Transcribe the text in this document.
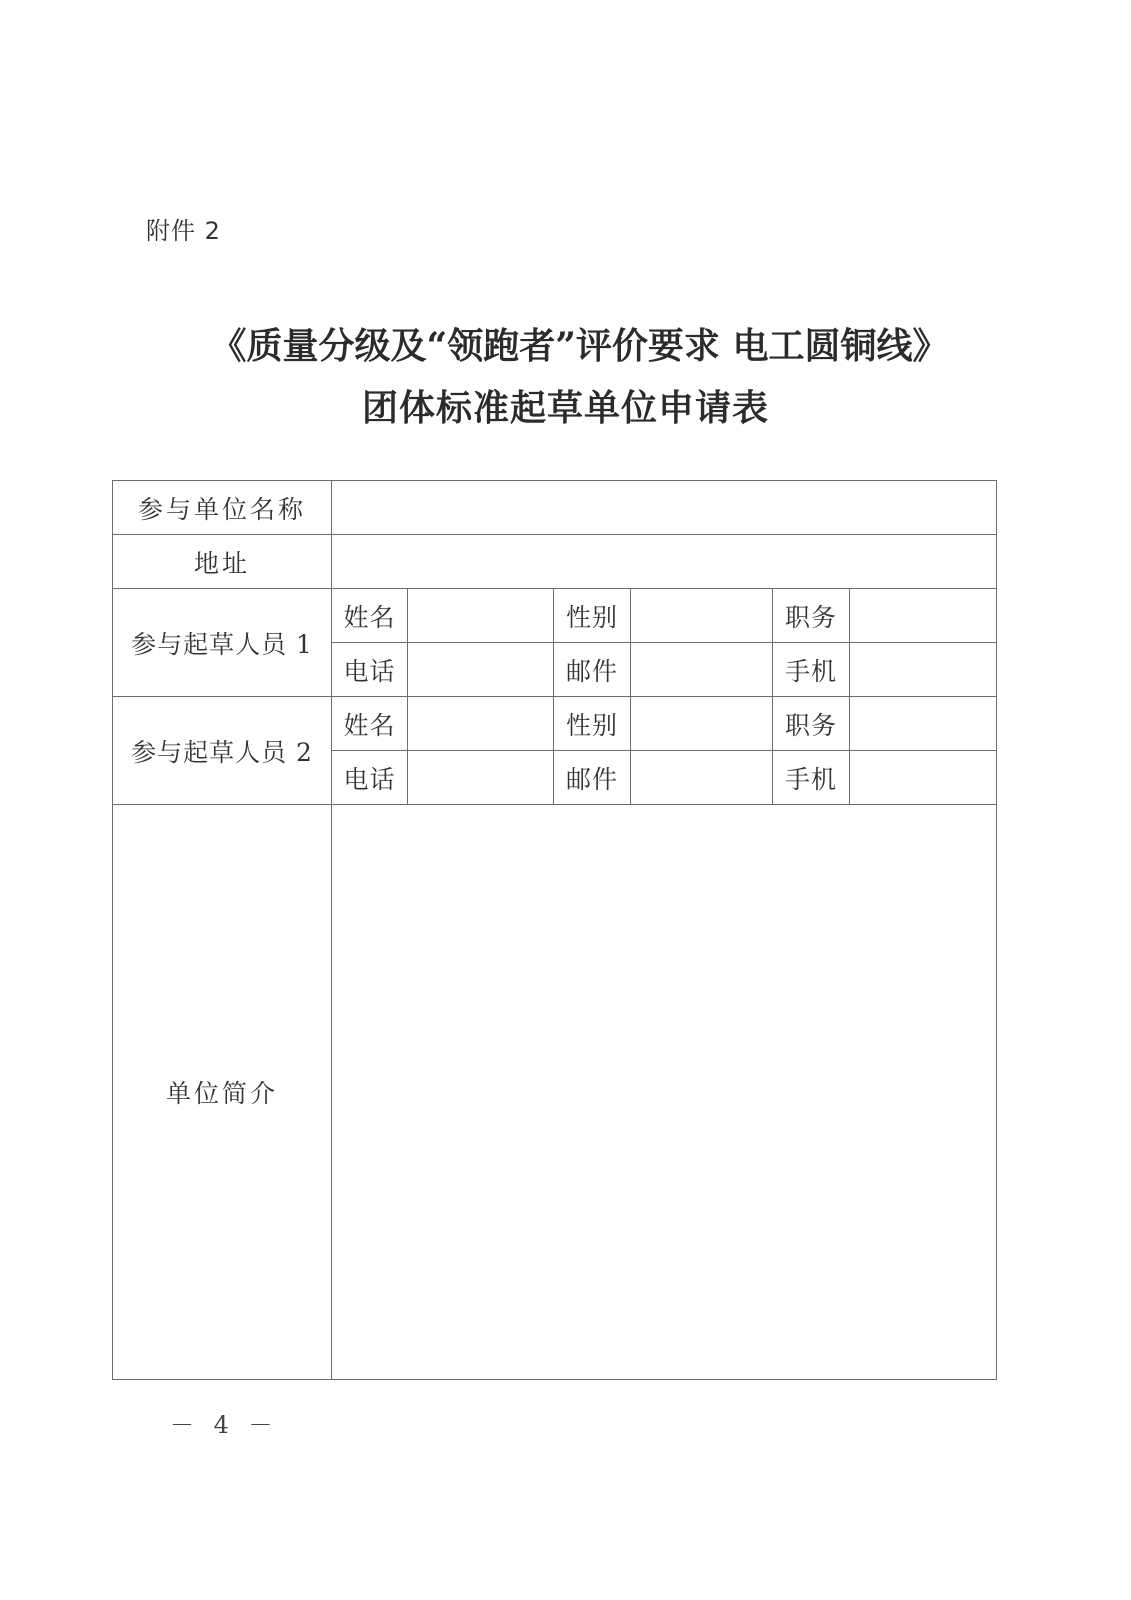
附件 2
《质量分级及“领跑者”评价要求 电工圆铜线》
团体标准起草单位申请表
参与单位名称						
地址						
参与起草人员 1	姓名		性别		职务	
	电话		邮件		手机	
参与起草人员 2	姓名		性别		职务	
	电话		邮件		手机	
单位简介						
－ 4 －
